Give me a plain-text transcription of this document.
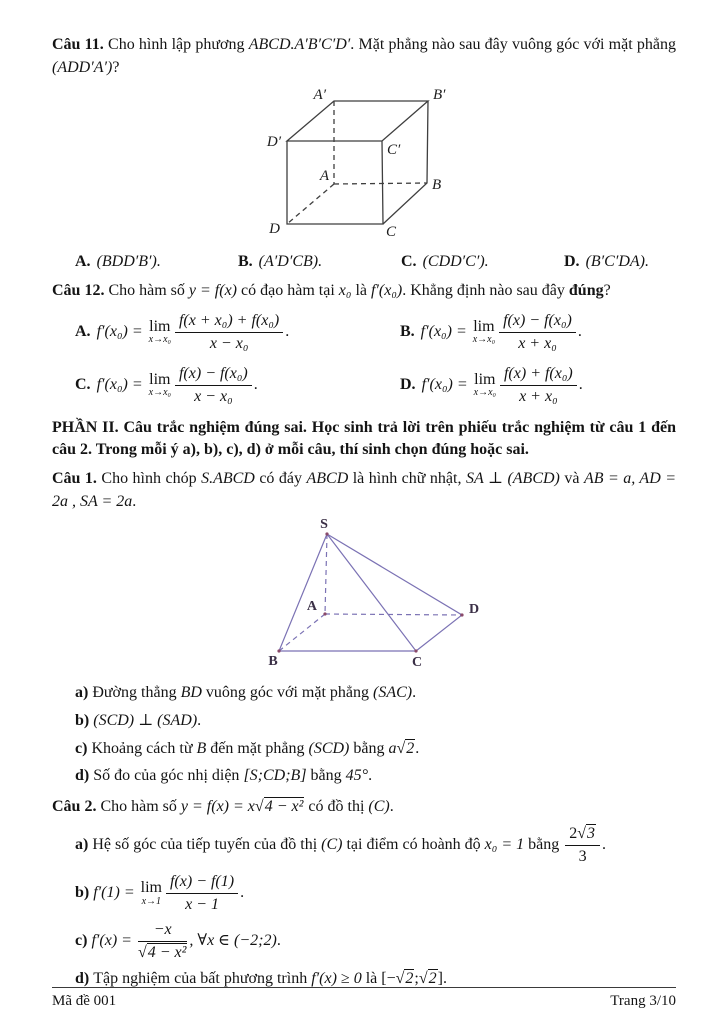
Câu 11. Cho hình lập phương ABCD.A′B′C′D′. Mặt phẳng nào sau đây vuông góc với mặt phẳng (ADD′A′)?

A′	B′
D′	C′
A
B
D	C
A. (BDD′B′).	B. (A′D′CB).	C. (CDD′C′).	D. (B′C′DA).

Câu 12. Cho hàm số y = f(x) có đạo hàm tại x₀ là f′(x₀). Khẳng định nào sau đây đúng?

A. f′(x₀) = lim
$x\to x_0 \frac{\text{f(x + x₀) + f(x₀)}}{\text{x − x₀}}$ .	B. f′(x₀) = lim
$x\to x_0 \frac{\text{f(x) − f(x₀)}}{\text{x + x₀}}$ .
C. f′(x₀) = lim
$x\to x_0 \frac{\text{f(x) − f(x₀)}}{\text{x − x₀}}$ .	D. f′(x₀) = lim
$x\to x_0 \frac{\text{f(x) + f(x₀)}}{\text{x + x₀}}$ .

PHẦN II. Câu trắc nghiệm đúng sai. Học sinh trả lời trên phiếu trắc nghiệm từ câu 1 đến câu 2. Trong mỗi ý a), b), c), d) ở mỗi câu, thí sinh chọn đúng hoặc sai.

Câu 1. Cho hình chóp S.ABCD có đáy ABCD là hình chữ nhật, SA ⊥ (ABCD) và AB = a, AD = 2a , SA = 2a.

S
A
B	C
D

a) Đường thẳng BD vuông góc với mặt phẳng (SAC).

b) (SCD) ⊥ (SAD).

c) Khoảng cách từ B đến mặt phẳng (SCD) bằng a√2.

d) Số đo của góc nhị diện [S;CD;B] bằng 45°.

Câu 2. Cho hàm số y = f(x) = x√4 − x² có đồ thị (C).

a) Hệ số góc của tiếp tuyến của đồ thị (C) tại điểm có hoành độ x₀ = 1 bằng $\frac{2√3}{3}$ .

b) f′(1) = lim
$x\to 1 \frac{f(x) - f(1)}{x - 1}$ .

c) $f'(x) = \frac{-x}{\text{√4 − x²}}$ , ∀x ∈ (−2;2).

d) Tập nghiệm của bất phương trình f′(x) ≥ 0 là [−√2;√2].

Mã đề 001	Trang 3/10
